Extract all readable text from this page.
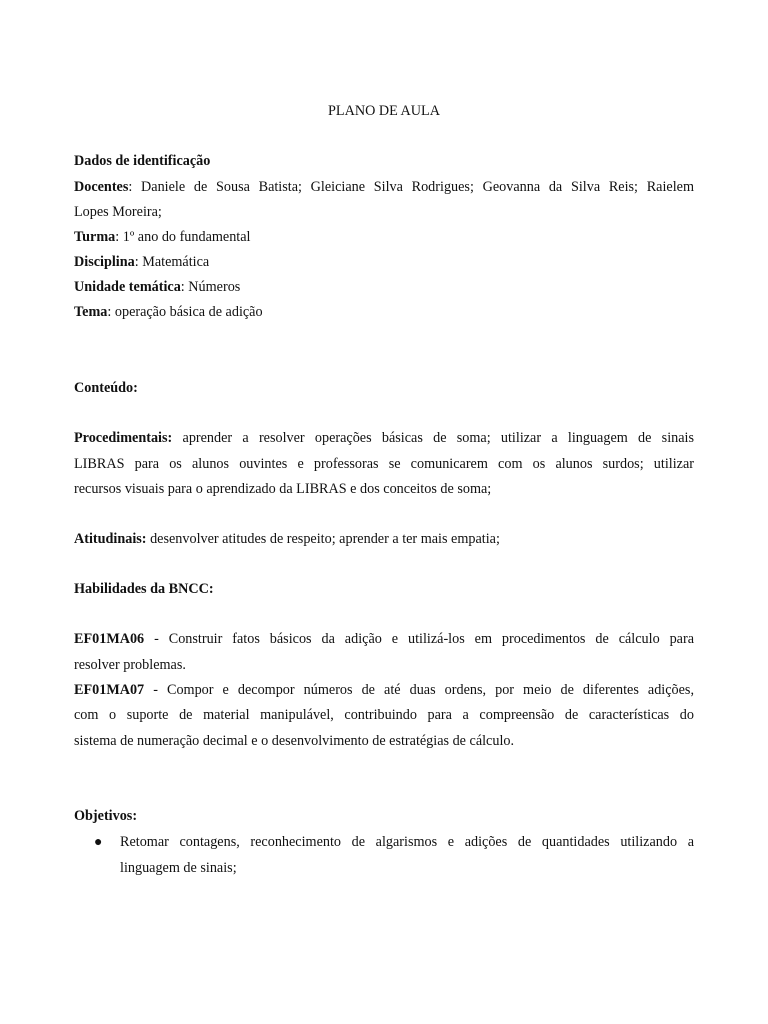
PLANO DE AULA
Dados de identificação
Docentes: Daniele de Sousa Batista; Gleiciane Silva Rodrigues; Geovanna da Silva Reis; Raielem
Lopes Moreira;
Turma: 1º ano do fundamental
Disciplina: Matemática
Unidade temática: Números
Tema: operação básica de adição
Conteúdo:
Procedimentais: aprender a resolver operações básicas de soma; utilizar a linguagem de sinais
LIBRAS para os alunos ouvintes e professoras se comunicarem com os alunos surdos; utilizar
recursos visuais para o aprendizado da LIBRAS e dos conceitos de soma;
Atitudinais: desenvolver atitudes de respeito; aprender a ter mais empatia;
Habilidades da BNCC:
EF01MA06 - Construir fatos básicos da adição e utilizá-los em procedimentos de cálculo para
resolver problemas.
EF01MA07 - Compor e decompor números de até duas ordens, por meio de diferentes adições,
com o suporte de material manipulável, contribuindo para a compreensão de características do
sistema de numeração decimal e o desenvolvimento de estratégias de cálculo.
Objetivos:
● Retomar contagens, reconhecimento de algarismos e adições de quantidades utilizando a
linguagem de sinais;
